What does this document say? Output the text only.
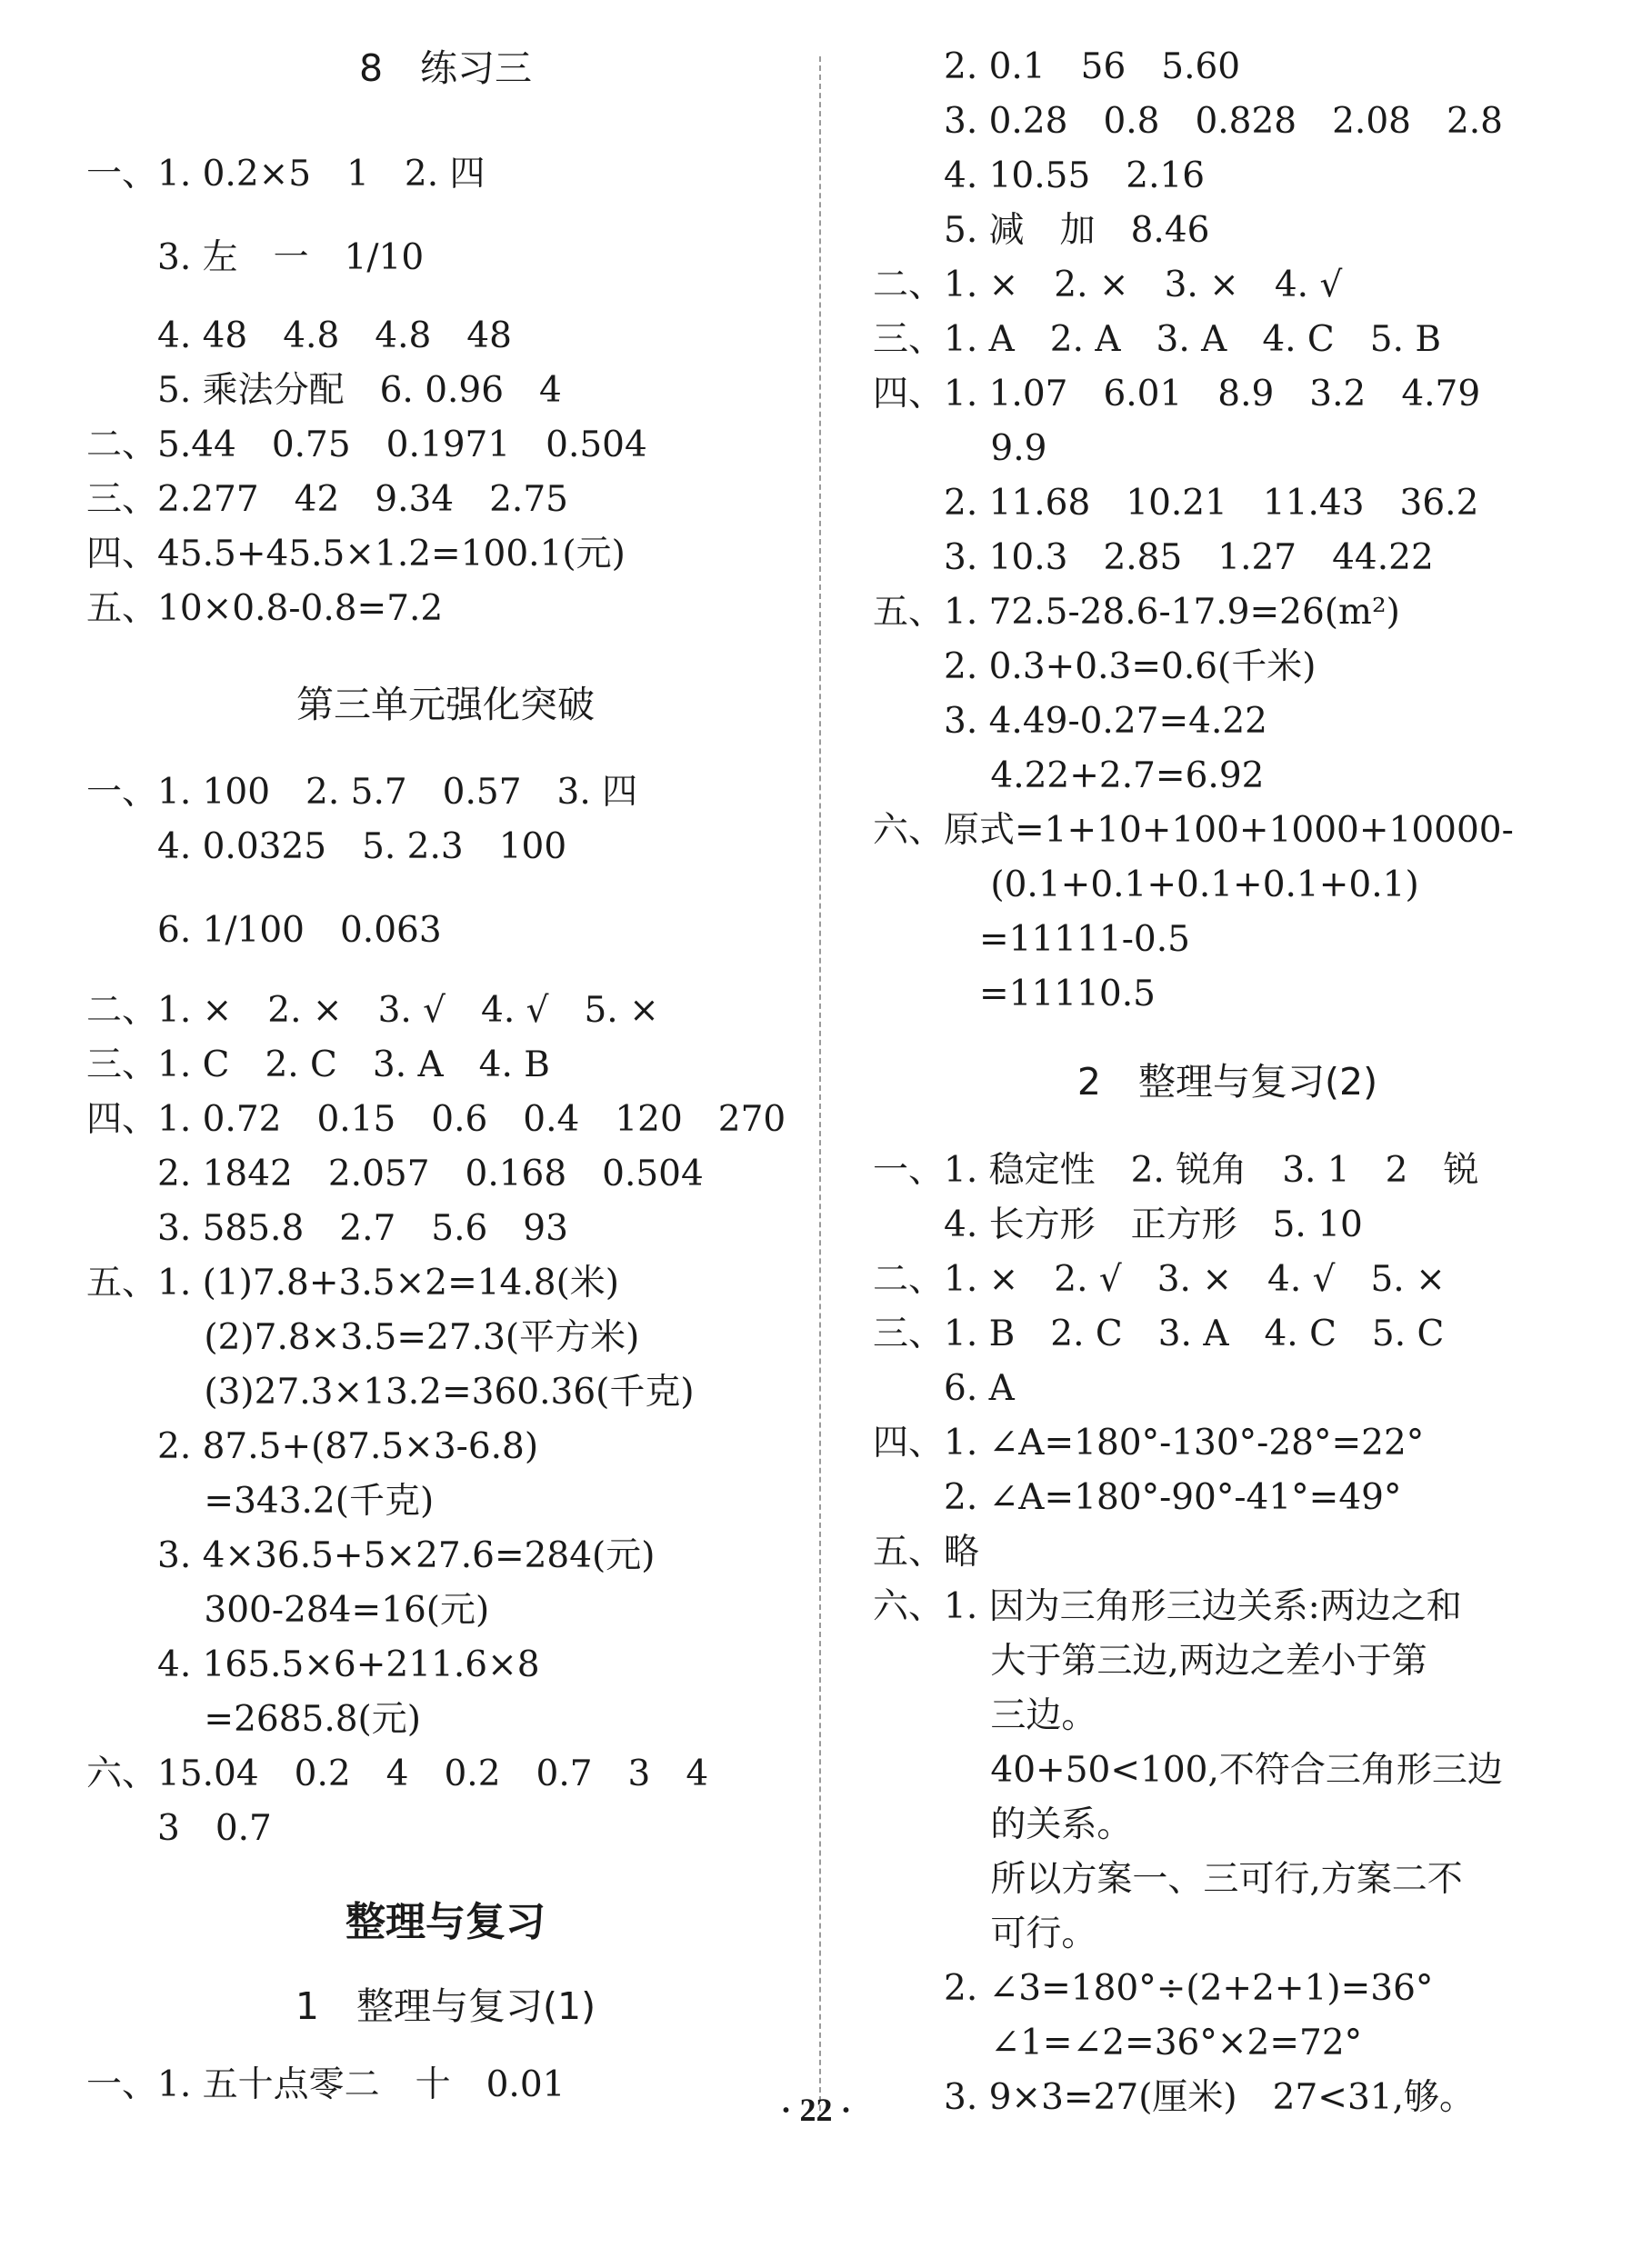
8　练习三
一、1. 0.2×5　1　2. 四
　　3. 左　一　1/10
　　4. 48　4.8　4.8　48
　　5. 乘法分配　6. 0.96　4
二、5.44　0.75　0.1971　0.504
三、2.277　42　9.34　2.75
四、45.5+45.5×1.2=100.1(元)
五、10×0.8-0.8=7.2
第三单元强化突破
一、1. 100　2. 5.7　0.57　3. 四
　　4. 0.0325　5. 2.3　100
　　6. 1/100　0.063
二、1. ×　2. ×　3. √　4. √　5. ×
三、1. C　2. C　3. A　4. B
四、1. 0.72　0.15　0.6　0.4　120　270
　　2. 1842　2.057　0.168　0.504
　　3. 585.8　2.7　5.6　93
五、1. (1)7.8+3.5×2=14.8(米)
　　　 (2)7.8×3.5=27.3(平方米)
　　　 (3)27.3×13.2=360.36(千克)
　　2. 87.5+(87.5×3-6.8)
　　　 =343.2(千克)
　　3. 4×36.5+5×27.6=284(元)
　　　 300-284=16(元)
　　4. 165.5×6+211.6×8
　　　 =2685.8(元)
六、15.04　0.2　4　0.2　0.7　3　4
　　3　0.7
整理与复习
1　整理与复习(1)
一、1. 五十点零二　十　0.01
　　2. 0.1　56　5.60
　　3. 0.28　0.8　0.828　2.08　2.8
　　4. 10.55　2.16
　　5. 减　加　8.46
二、1. ×　2. ×　3. ×　4. √
三、1. A　2. A　3. A　4. C　5. B
四、1. 1.07　6.01　8.9　3.2　4.79
　　　 9.9
　　2. 11.68　10.21　11.43　36.2
　　3. 10.3　2.85　1.27　44.22
五、1. 72.5-28.6-17.9=26(m²)
　　2. 0.3+0.3=0.6(千米)
　　3. 4.49-0.27=4.22
　　　 4.22+2.7=6.92
六、原式=1+10+100+1000+10000-
　　　 (0.1+0.1+0.1+0.1+0.1)
　　　=11111-0.5
　　　=11110.5
2　整理与复习(2)
一、1. 稳定性　2. 锐角　3. 1　2　锐
　　4. 长方形　正方形　5. 10
二、1. ×　2. √　3. ×　4. √　5. ×
三、1. B　2. C　3. A　4. C　5. C
　　6. A
四、1. ∠A=180°-130°-28°=22°
　　2. ∠A=180°-90°-41°=49°
五、略
六、1. 因为三角形三边关系:两边之和
　　　 大于第三边,两边之差小于第
　　　 三边。
　　　 40+50<100,不符合三角形三边
　　　 的关系。
　　　 所以方案一、三可行,方案二不
　　　 可行。
　　2. ∠3=180°÷(2+2+1)=36°
　　　 ∠1=∠2=36°×2=72°
　　3. 9×3=27(厘米)　27<31,够。
· 22 ·
